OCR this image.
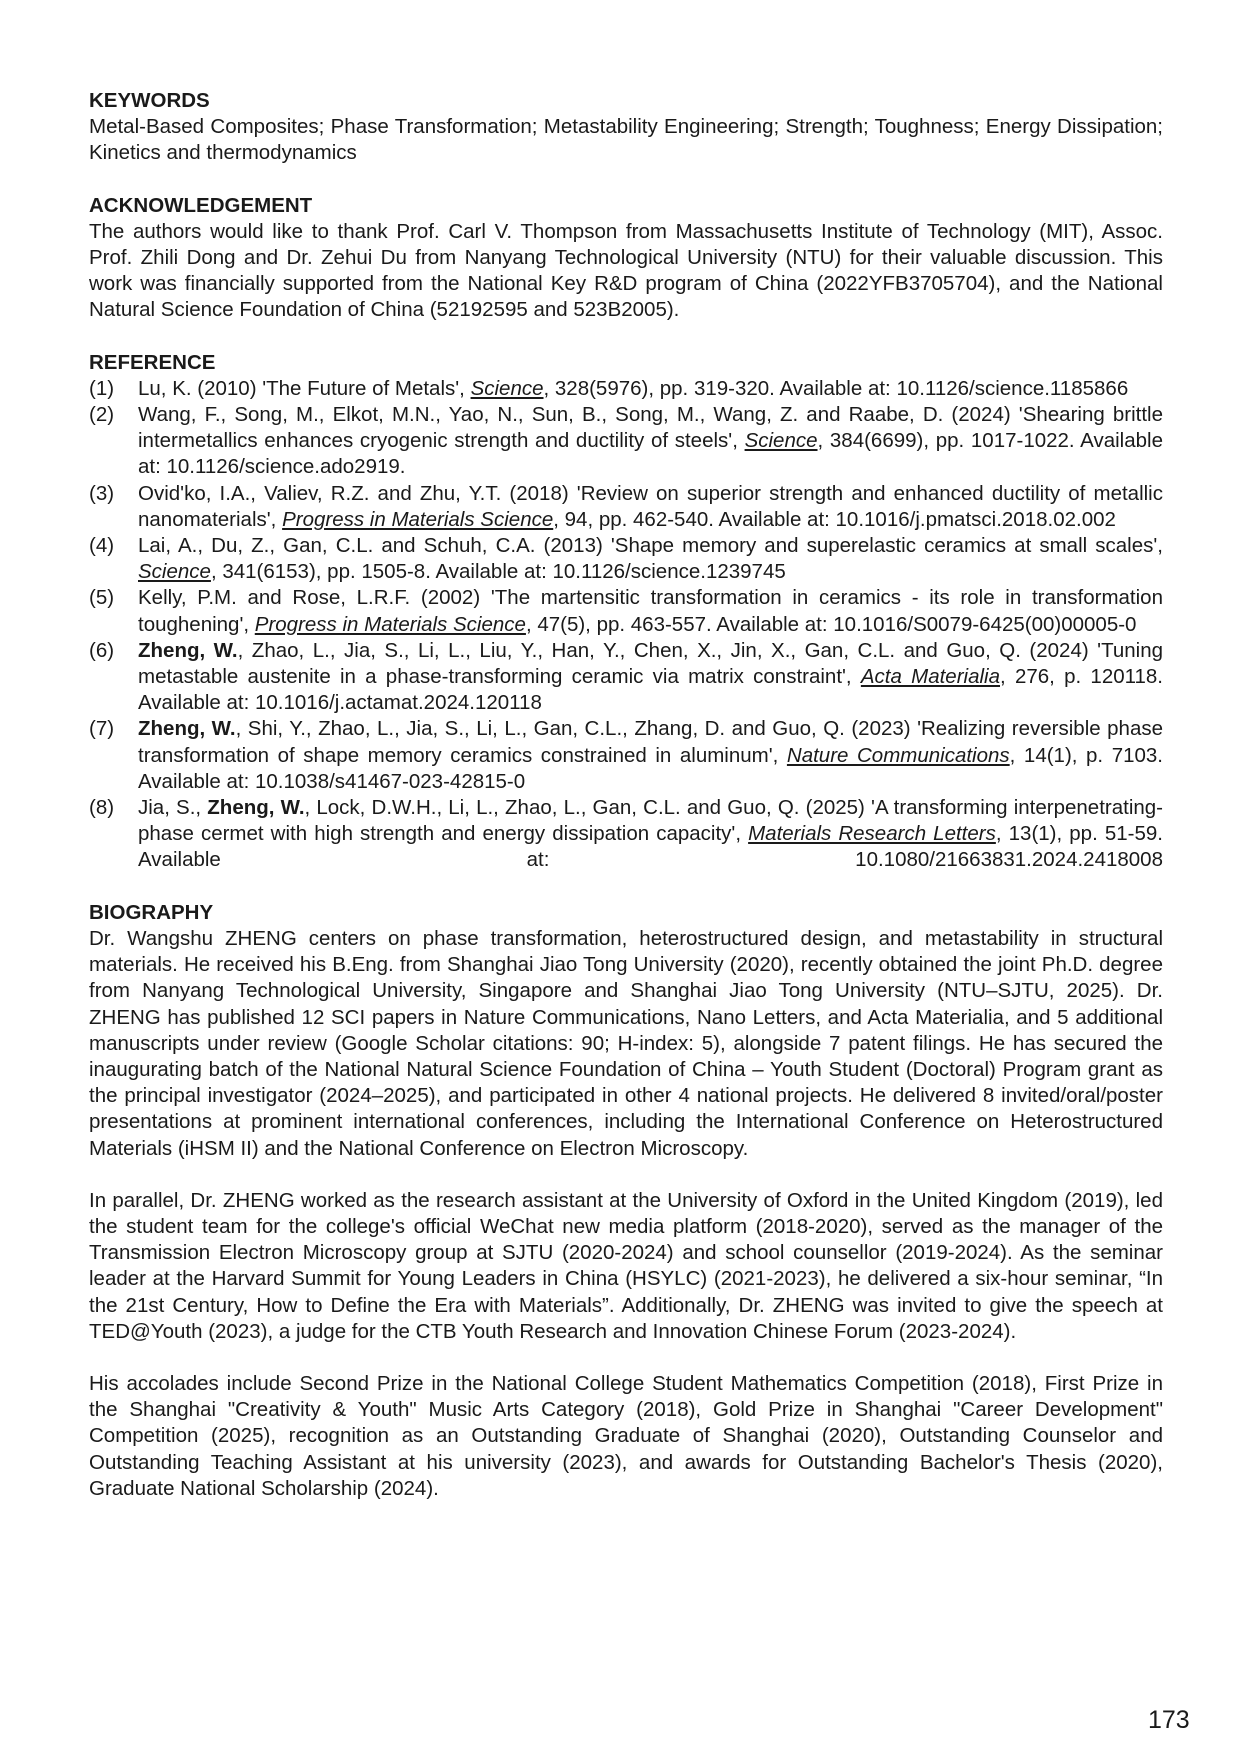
KEYWORDS

Metal-Based Composites; Phase Transformation; Metastability Engineering; Strength; Toughness; Energy Dissipation; Kinetics and thermodynamics

ACKNOWLEDGEMENT

The authors would like to thank Prof. Carl V. Thompson from Massachusetts Institute of Technology (MIT), Assoc. Prof. Zhili Dong and Dr. Zehui Du from Nanyang Technological University (NTU) for their valuable discussion. This work was financially supported from the National Key R&D program of China (2022YFB3705704), and the National Natural Science Foundation of China (52192595 and 523B2005).

REFERENCE

(1)	Lu, K. (2010) 'The Future of Metals', Science, 328(5976), pp. 319-320. Available at: 10.1126/science.1185866
(2)	Wang, F., Song, M., Elkot, M.N., Yao, N., Sun, B., Song, M., Wang, Z. and Raabe, D. (2024) 'Shearing brittle intermetallics enhances cryogenic strength and ductility of steels', Science, 384(6699), pp. 1017-1022. Available at: 10.1126/science.ado2919.
(3)	Ovid'ko, I.A., Valiev, R.Z. and Zhu, Y.T. (2018) 'Review on superior strength and enhanced ductility of metallic nanomaterials', Progress in Materials Science, 94, pp. 462-540. Available at: 10.1016/j.pmatsci.2018.02.002
(4)	Lai, A., Du, Z., Gan, C.L. and Schuh, C.A. (2013) 'Shape memory and superelastic ceramics at small scales', Science, 341(6153), pp. 1505-8. Available at: 10.1126/science.1239745
(5)	Kelly, P.M. and Rose, L.R.F. (2002) 'The martensitic transformation in ceramics - its role in transformation toughening', Progress in Materials Science, 47(5), pp. 463-557. Available at: 10.1016/S0079-6425(00)00005-0
(6)	Zheng, W., Zhao, L., Jia, S., Li, L., Liu, Y., Han, Y., Chen, X., Jin, X., Gan, C.L. and Guo, Q. (2024) 'Tuning metastable austenite in a phase-transforming ceramic via matrix constraint', Acta Materialia, 276, p. 120118. Available at: 10.1016/j.actamat.2024.120118
(7)	Zheng, W., Shi, Y., Zhao, L., Jia, S., Li, L., Gan, C.L., Zhang, D. and Guo, Q. (2023) 'Realizing reversible phase transformation of shape memory ceramics constrained in aluminum', Nature Communications, 14(1), p. 7103. Available at: 10.1038/s41467-023-42815-0
(8)	Jia, S., Zheng, W., Lock, D.W.H., Li, L., Zhao, L., Gan, C.L. and Guo, Q. (2025) 'A transforming interpenetrating-phase cermet with high strength and energy dissipation capacity', Materials Research Letters, 13(1), pp. 51-59. Available at: 10.1080/21663831.2024.2418008

BIOGRAPHY

Dr. Wangshu ZHENG centers on phase transformation, heterostructured design, and metastability in structural materials. He received his B.Eng. from Shanghai Jiao Tong University (2020), recently obtained the joint Ph.D. degree from Nanyang Technological University, Singapore and Shanghai Jiao Tong University (NTU–SJTU, 2025). Dr. ZHENG has published 12 SCI papers in Nature Communications, Nano Letters, and Acta Materialia, and 5 additional manuscripts under review (Google Scholar citations: 90; H-index: 5), alongside 7 patent filings. He has secured the inaugurating batch of the National Natural Science Foundation of China – Youth Student (Doctoral) Program grant as the principal investigator (2024–2025), and participated in other 4 national projects. He delivered 8 invited/oral/poster presentations at prominent international conferences, including the International Conference on Heterostructured Materials (iHSM II) and the National Conference on Electron Microscopy.

In parallel, Dr. ZHENG worked as the research assistant at the University of Oxford in the United Kingdom (2019), led the student team for the college's official WeChat new media platform (2018-2020), served as the manager of the Transmission Electron Microscopy group at SJTU (2020-2024) and school counsellor (2019-2024). As the seminar leader at the Harvard Summit for Young Leaders in China (HSYLC) (2021-2023), he delivered a six-hour seminar, “In the 21st Century, How to Define the Era with Materials”. Additionally, Dr. ZHENG was invited to give the speech at TED@Youth (2023), a judge for the CTB Youth Research and Innovation Chinese Forum (2023-2024).

His accolades include Second Prize in the National College Student Mathematics Competition (2018), First Prize in the Shanghai "Creativity & Youth" Music Arts Category (2018), Gold Prize in Shanghai "Career Development" Competition (2025), recognition as an Outstanding Graduate of Shanghai (2020), Outstanding Counselor and Outstanding Teaching Assistant at his university (2023), and awards for Outstanding Bachelor's Thesis (2020), Graduate National Scholarship (2024).

173
